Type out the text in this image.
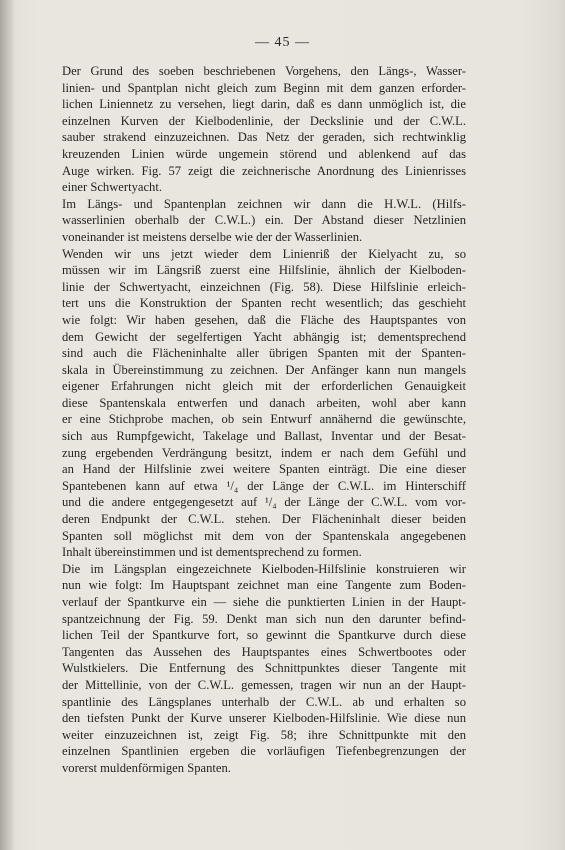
— 45 —
Der Grund des soeben beschriebenen Vorgehens, den Längs-, Wasser-
linien- und Spantplan nicht gleich zum Beginn mit dem ganzen erforder-
lichen Liniennetz zu versehen, liegt darin, daß es dann unmöglich ist, die
einzelnen Kurven der Kielbodenlinie, der Deckslinie und der C.W.L.
sauber strakend einzuzeichnen. Das Netz der geraden, sich rechtwinklig
kreuzenden Linien würde ungemein störend und ablenkend auf das
Auge wirken. Fig. 57 zeigt die zeichnerische Anordnung des Linienrisses
einer Schwertyacht.
Im Längs- und Spantenplan zeichnen wir dann die H.W.L. (Hilfs-
wasserlinien oberhalb der C.W.L.) ein. Der Abstand dieser Netzlinien
voneinander ist meistens derselbe wie der der Wasserlinien.
Wenden wir uns jetzt wieder dem Linienriß der Kielyacht zu, so
müssen wir im Längsriß zuerst eine Hilfslinie, ähnlich der Kielboden-
linie der Schwertyacht, einzeichnen (Fig. 58). Diese Hilfslinie erleich-
tert uns die Konstruktion der Spanten recht wesentlich; das geschieht
wie folgt: Wir haben gesehen, daß die Fläche des Hauptspantes von
dem Gewicht der segelfertigen Yacht abhängig ist; dementsprechend
sind auch die Flächeninhalte aller übrigen Spanten mit der Spanten-
skala in Übereinstimmung zu zeichnen. Der Anfänger kann nun mangels
eigener Erfahrungen nicht gleich mit der erforderlichen Genauigkeit
diese Spantenskala entwerfen und danach arbeiten, wohl aber kann
er eine Stichprobe machen, ob sein Entwurf annähernd die gewünschte,
sich aus Rumpfgewicht, Takelage und Ballast, Inventar und der Besat-
zung ergebenden Verdrängung besitzt, indem er nach dem Gefühl und
an Hand der Hilfslinie zwei weitere Spanten einträgt. Die eine dieser
Spantebenen kann auf etwa ¹/₄ der Länge der C.W.L. im Hinterschiff
und die andere entgegengesetzt auf ¹/₄ der Länge der C.W.L. vom vor-
deren Endpunkt der C.W.L. stehen. Der Flächeninhalt dieser beiden
Spanten soll möglichst mit dem von der Spantenskala angegebenen
Inhalt übereinstimmen und ist dementsprechend zu formen.
Die im Längsplan eingezeichnete Kielboden-Hilfslinie konstruieren wir
nun wie folgt: Im Hauptspant zeichnet man eine Tangente zum Boden-
verlauf der Spantkurve ein — siehe die punktierten Linien in der Haupt-
spantzeichnung der Fig. 59. Denkt man sich nun den darunter befind-
lichen Teil der Spantkurve fort, so gewinnt die Spantkurve durch diese
Tangenten das Aussehen des Hauptspantes eines Schwertbootes oder
Wulstkielers. Die Entfernung des Schnittpunktes dieser Tangente mit
der Mittellinie, von der C.W.L. gemessen, tragen wir nun an der Haupt-
spantlinie des Längsplanes unterhalb der C.W.L. ab und erhalten so
den tiefsten Punkt der Kurve unserer Kielboden-Hilfslinie. Wie diese nun
weiter einzuzeichnen ist, zeigt Fig. 58; ihre Schnittpunkte mit den
einzelnen Spantlinien ergeben die vorläufigen Tiefenbegrenzungen der
vorerst muldenförmigen Spanten.
